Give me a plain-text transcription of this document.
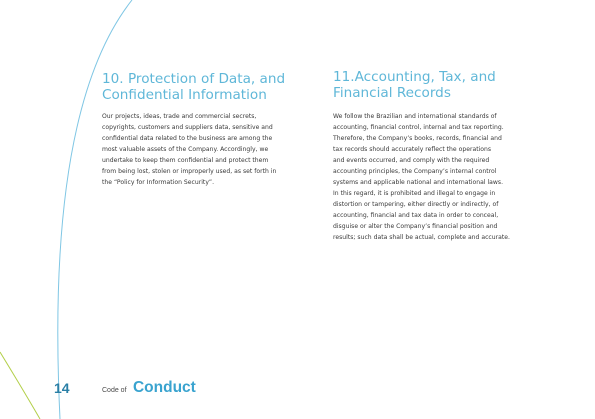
10. Protection of Data, and
Confidential Information

Our projects, ideas, trade and commercial secrets,
copyrights, customers and suppliers data, sensitive and
confidential data related to the business are among the
most valuable assets of the Company. Accordingly, we
undertake to keep them confidential and protect them
from being lost, stolen or improperly used, as set forth in
the “Policy for Information Security”.

11.Accounting, Tax, and
Financial Records

We follow the Brazilian and international standards of
accounting, financial control, internal and tax reporting.
Therefore, the Company’s books, records, financial and
tax records should accurately reflect the operations
and events occurred, and comply with the required
accounting principles, the Company’s internal control
systems and applicable national and international laws.
In this regard, it is prohibited and illegal to engage in
distortion or tampering, either directly or indirectly, of
accounting, financial and tax data in order to conceal,
disguise or alter the Company’s financial position and
results; such data shall be actual, complete and accurate.

14	Code of Conduct
